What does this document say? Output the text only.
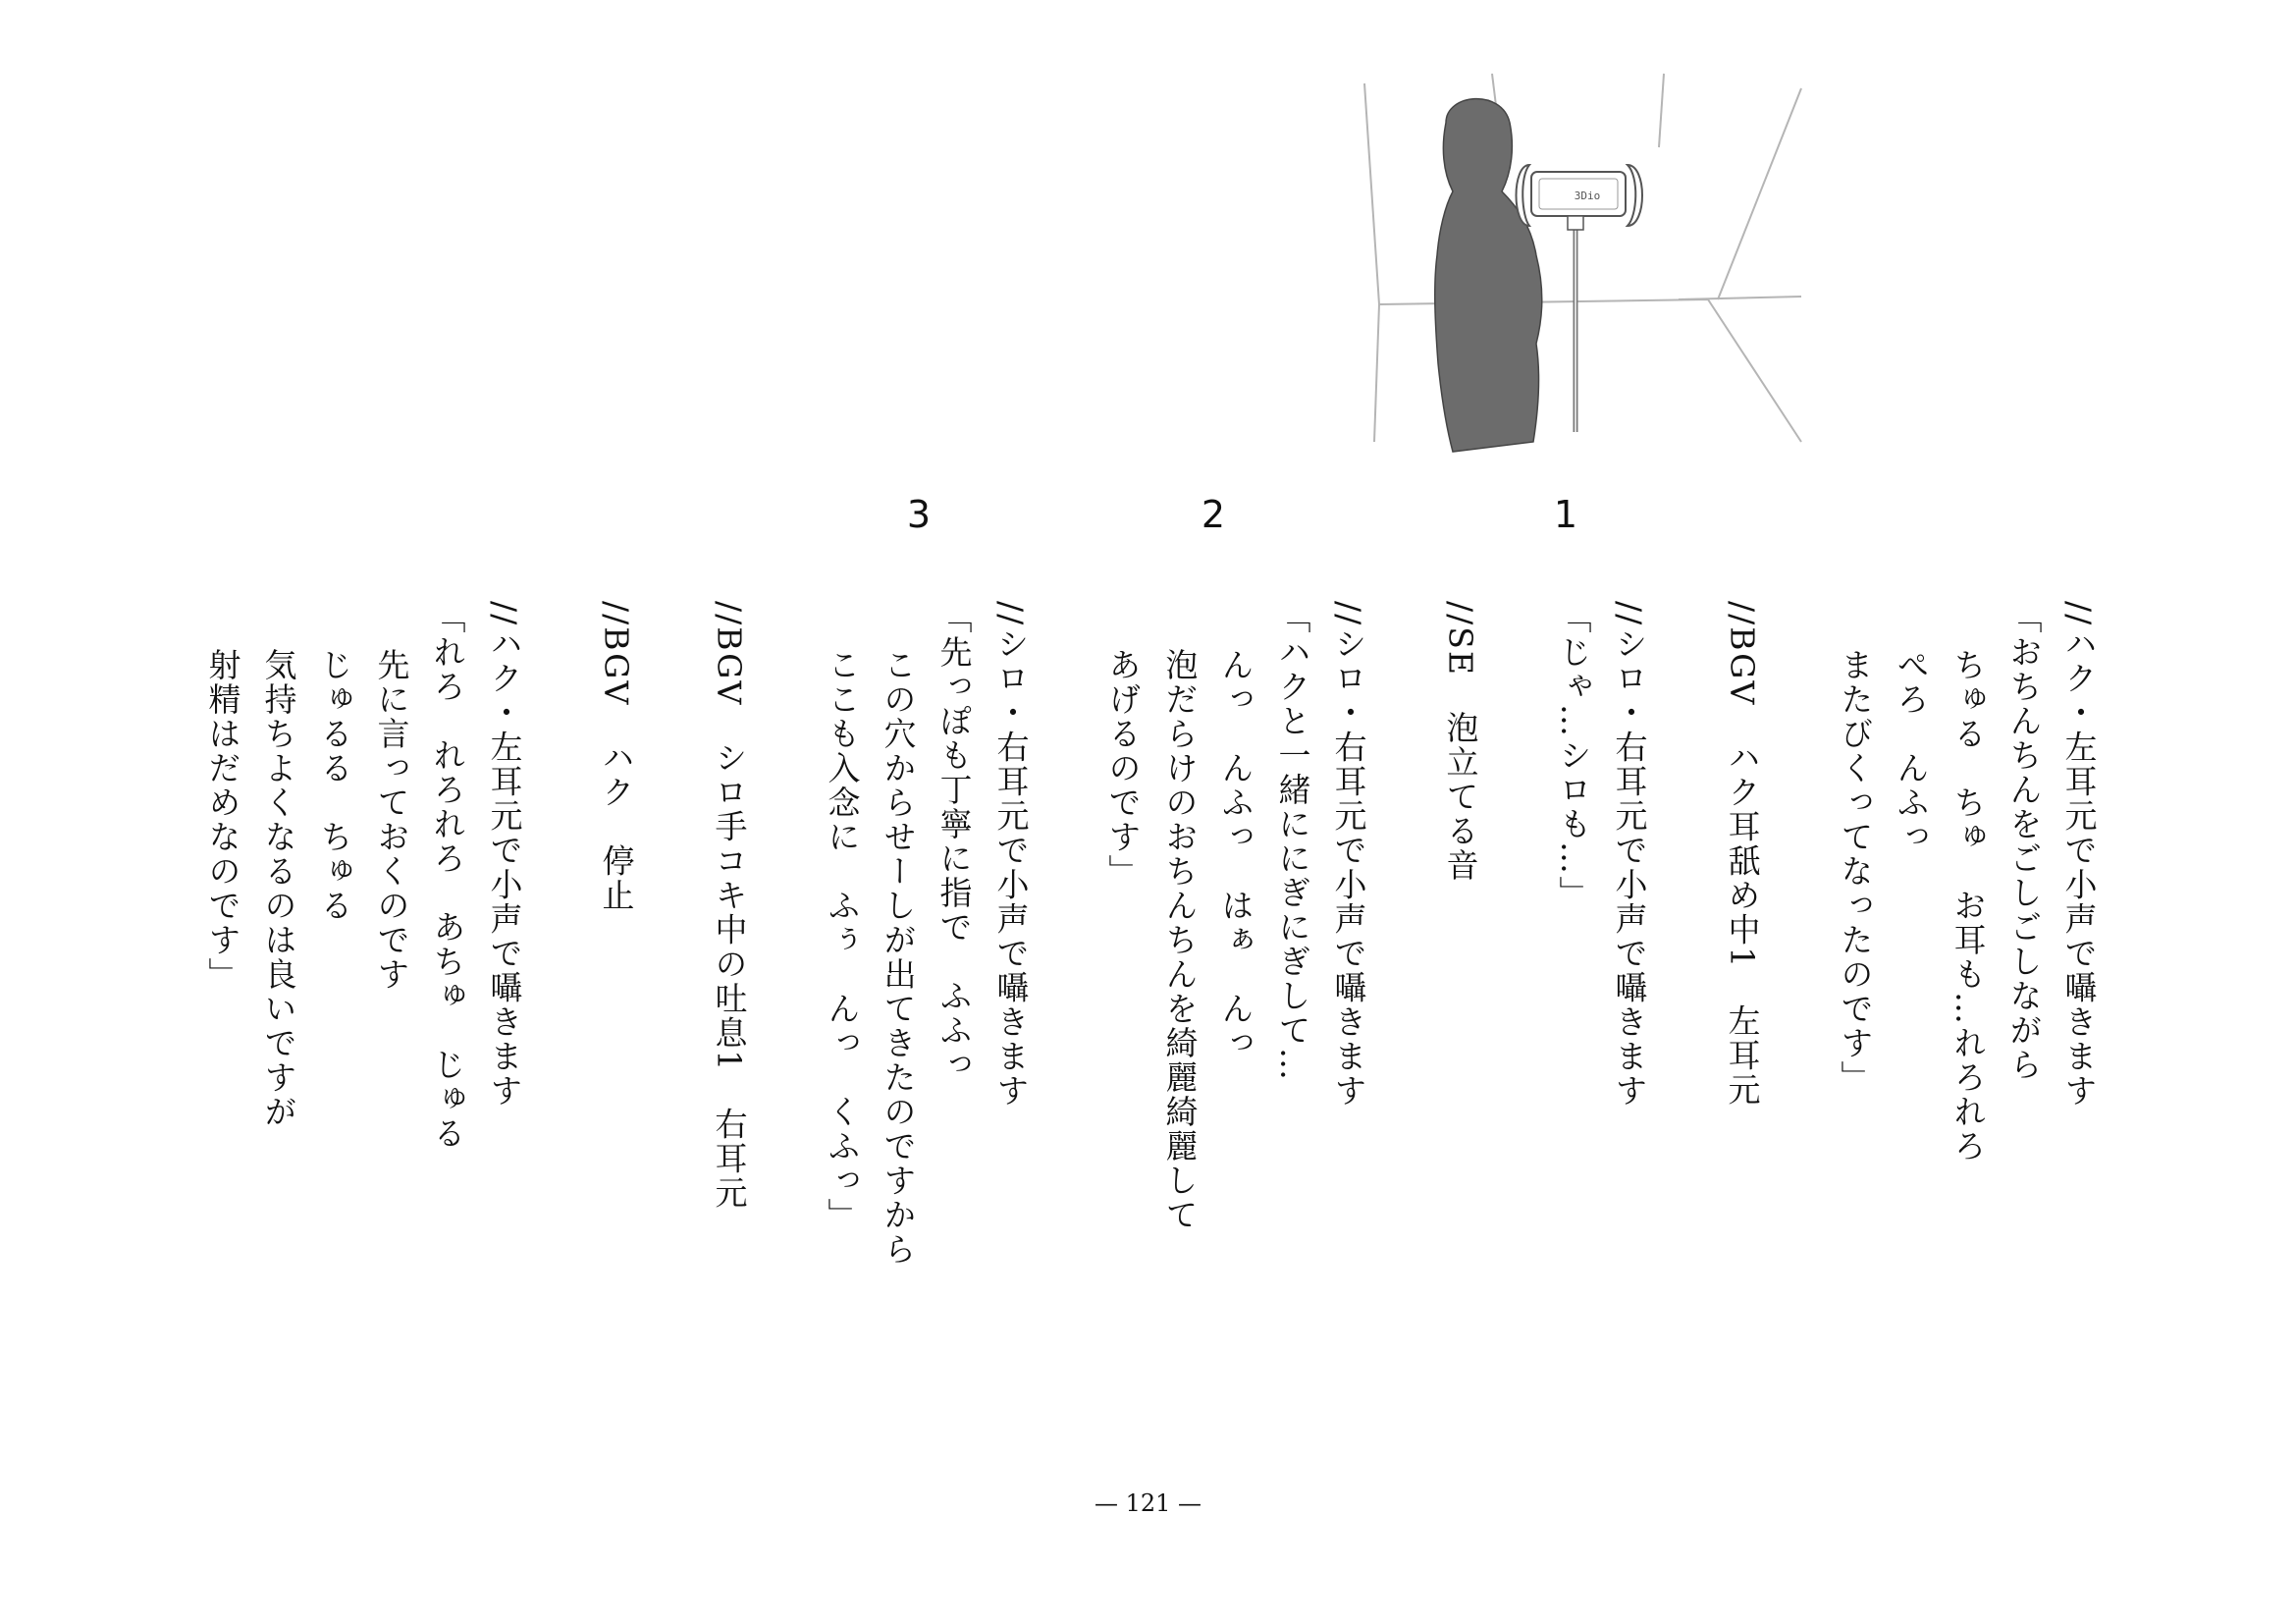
3Dio
1
2
3
//ハク・左耳元で小声で囁きます
「おちんちんをごしごしながら
ちゅる　ちゅ　お耳も…れろれろ
ぺろ　んふっ
またびくってなったのです」
//BGV　ハク耳舐め中1　左耳元
//シロ・右耳元で小声で囁きます
「じゃ…シロも…」
//SE　泡立てる音
//シロ・右耳元で小声で囁きます
「ハクと一緒ににぎにぎして…
んっ　んふっ　はぁ　んっ
泡だらけのおちんちんを綺麗綺麗して
あげるのです」
//シロ・右耳元で小声で囁きます
「先っぽも丁寧に指で　ふふっ
この穴からせーしが出てきたのですから
ここも入念に　ふぅ　んっ　くふっ」
//BGV　シロ手コキ中の吐息1　右耳元
//BGV　ハク　停止
//ハク・左耳元で小声で囁きます
「れろ　れろれろ　あちゅ　じゅる
先に言っておくのです
じゅるる　ちゅる
気持ちよくなるのは良いですが
射精はだめなのです」
— 121 —
